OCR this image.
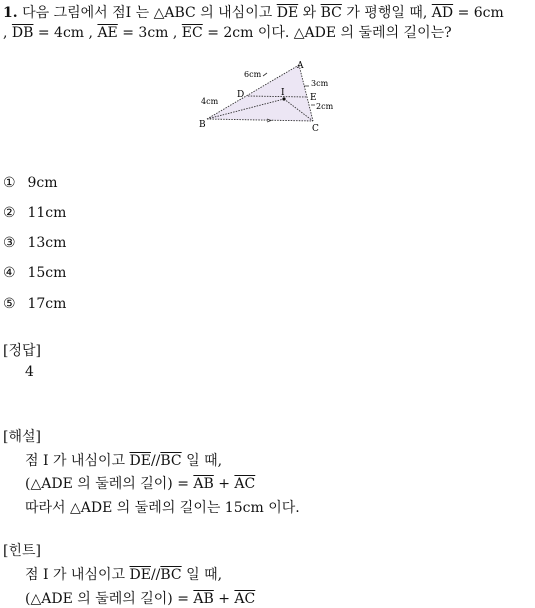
1. 다음 그림에서 점I 는 △ABC 의 내심이고 $\overline{DE}$ 와 $\overline{BC}$ 가 평행일 때, $\overline{AD} = 6cm$
, $\overline{DB} = 4cm$ , $\overline{AE} = 3cm$ , $\overline{EC} = 2cm$ 이다. △ADE 의 둘레의 길이는?
A
B	C
D	E
I
6cm
4cm
3cm
2cm
① 9cm
② 11cm
③ 13cm
④ 15cm
⑤ 17cm
[정답]
4
[해설]
점 I 가 내심이고 $\overline{DE}//\overline{BC}$ 일 때,
(△ADE 의 둘레의 길이) = $\overline{AB} + \overline{AC}$
따라서 △ADE 의 둘레의 길이는 15cm 이다.
[힌트]
점 I 가 내심이고 $\overline{DE}//\overline{BC}$ 일 때,
(△ADE 의 둘레의 길이) = $\overline{AB} + \overline{AC}$
